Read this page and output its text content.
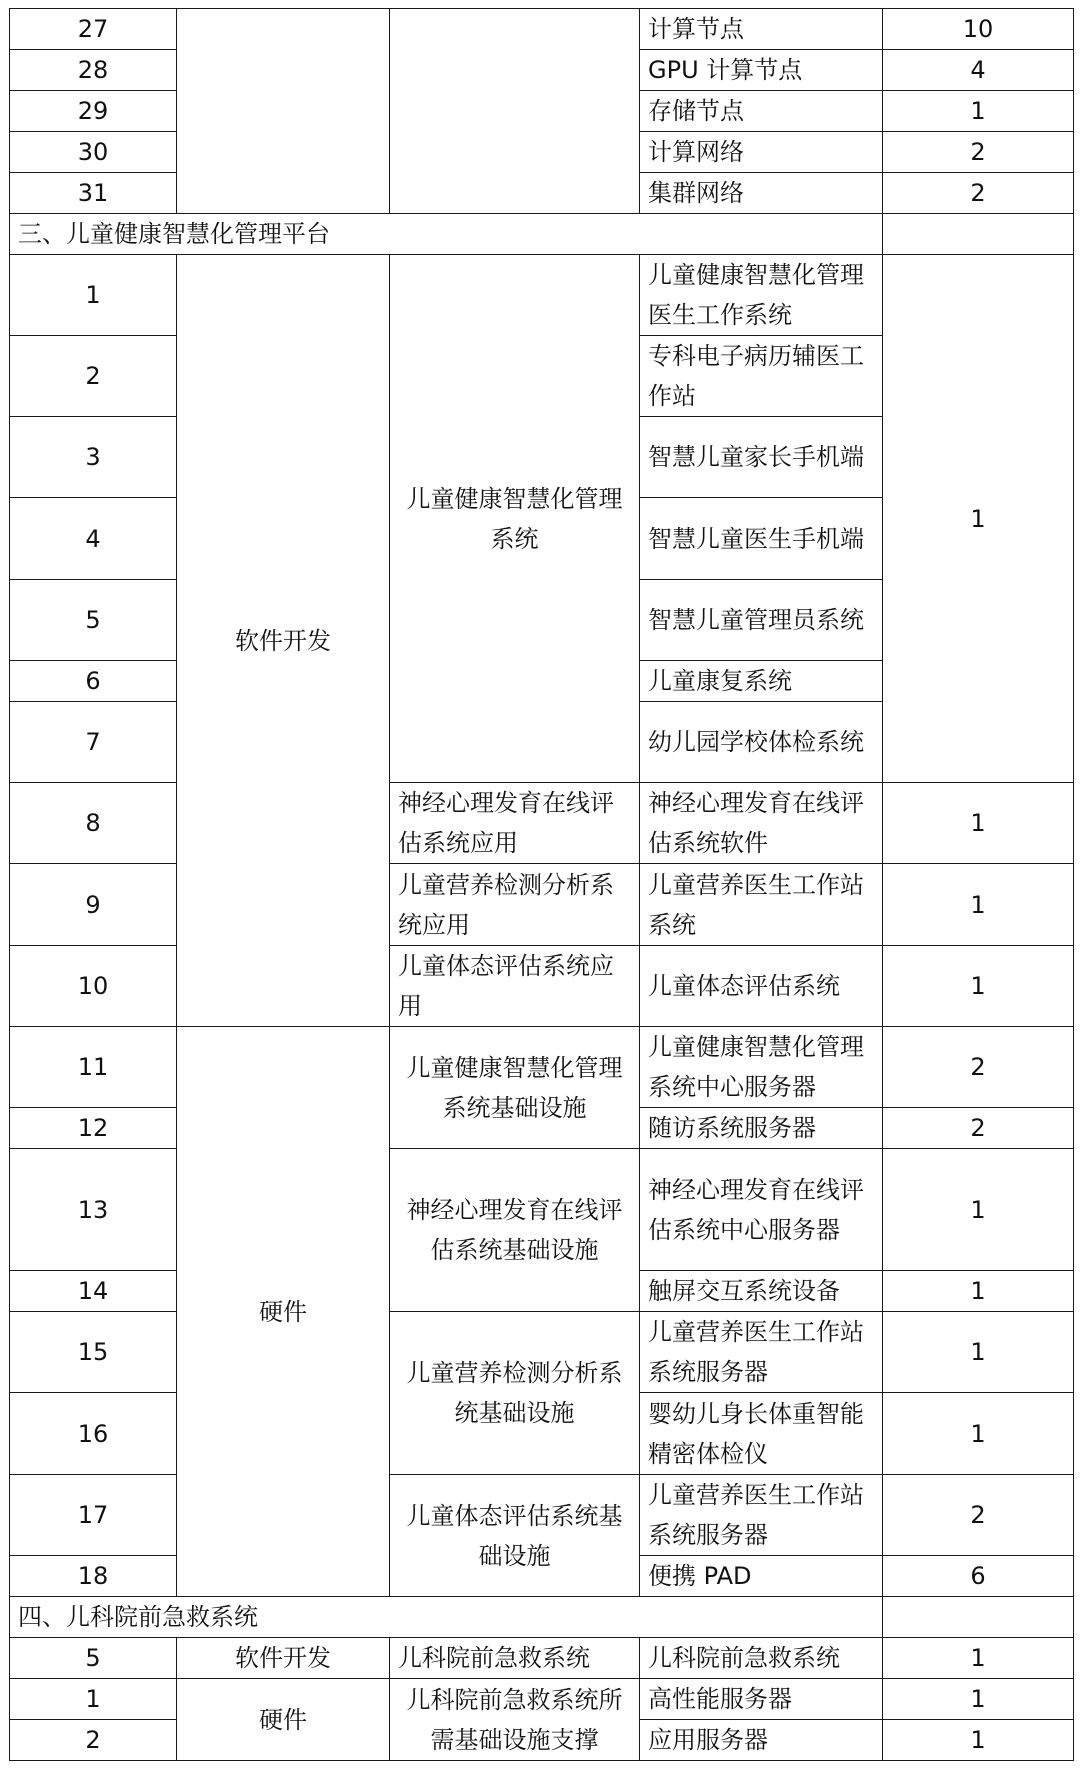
27			计算节点	10
28			GPU 计算节点	4
29			存储节点	1
30			计算网络	2
31			集群网络	2
三、儿童健康智慧化管理平台				
1	软件开发	儿童健康智慧化管理系统	儿童健康智慧化管理医生工作系统	1
2			专科电子病历辅医工作站	
3			智慧儿童家长手机端	
4			智慧儿童医生手机端	
5			智慧儿童管理员系统	
6			儿童康复系统	
7			幼儿园学校体检系统	
8		神经心理发育在线评估系统应用	神经心理发育在线评估系统软件	1
9		儿童营养检测分析系统应用	儿童营养医生工作站系统	1
10		儿童体态评估系统应用	儿童体态评估系统	1
11	硬件	儿童健康智慧化管理系统基础设施	儿童健康智慧化管理系统中心服务器	2
12			随访系统服务器	2
13		神经心理发育在线评估系统基础设施	神经心理发育在线评估系统中心服务器	1
14			触屏交互系统设备	1
15		儿童营养检测分析系统基础设施	儿童营养医生工作站系统服务器	1
16			婴幼儿身长体重智能精密体检仪	1
17		儿童体态评估系统基础设施	儿童营养医生工作站系统服务器	2
18			便携 PAD	6
四、儿科院前急救系统				
5	软件开发	儿科院前急救系统	儿科院前急救系统	1
1	硬件	儿科院前急救系统所需基础设施支撑	高性能服务器	1
2			应用服务器	1
